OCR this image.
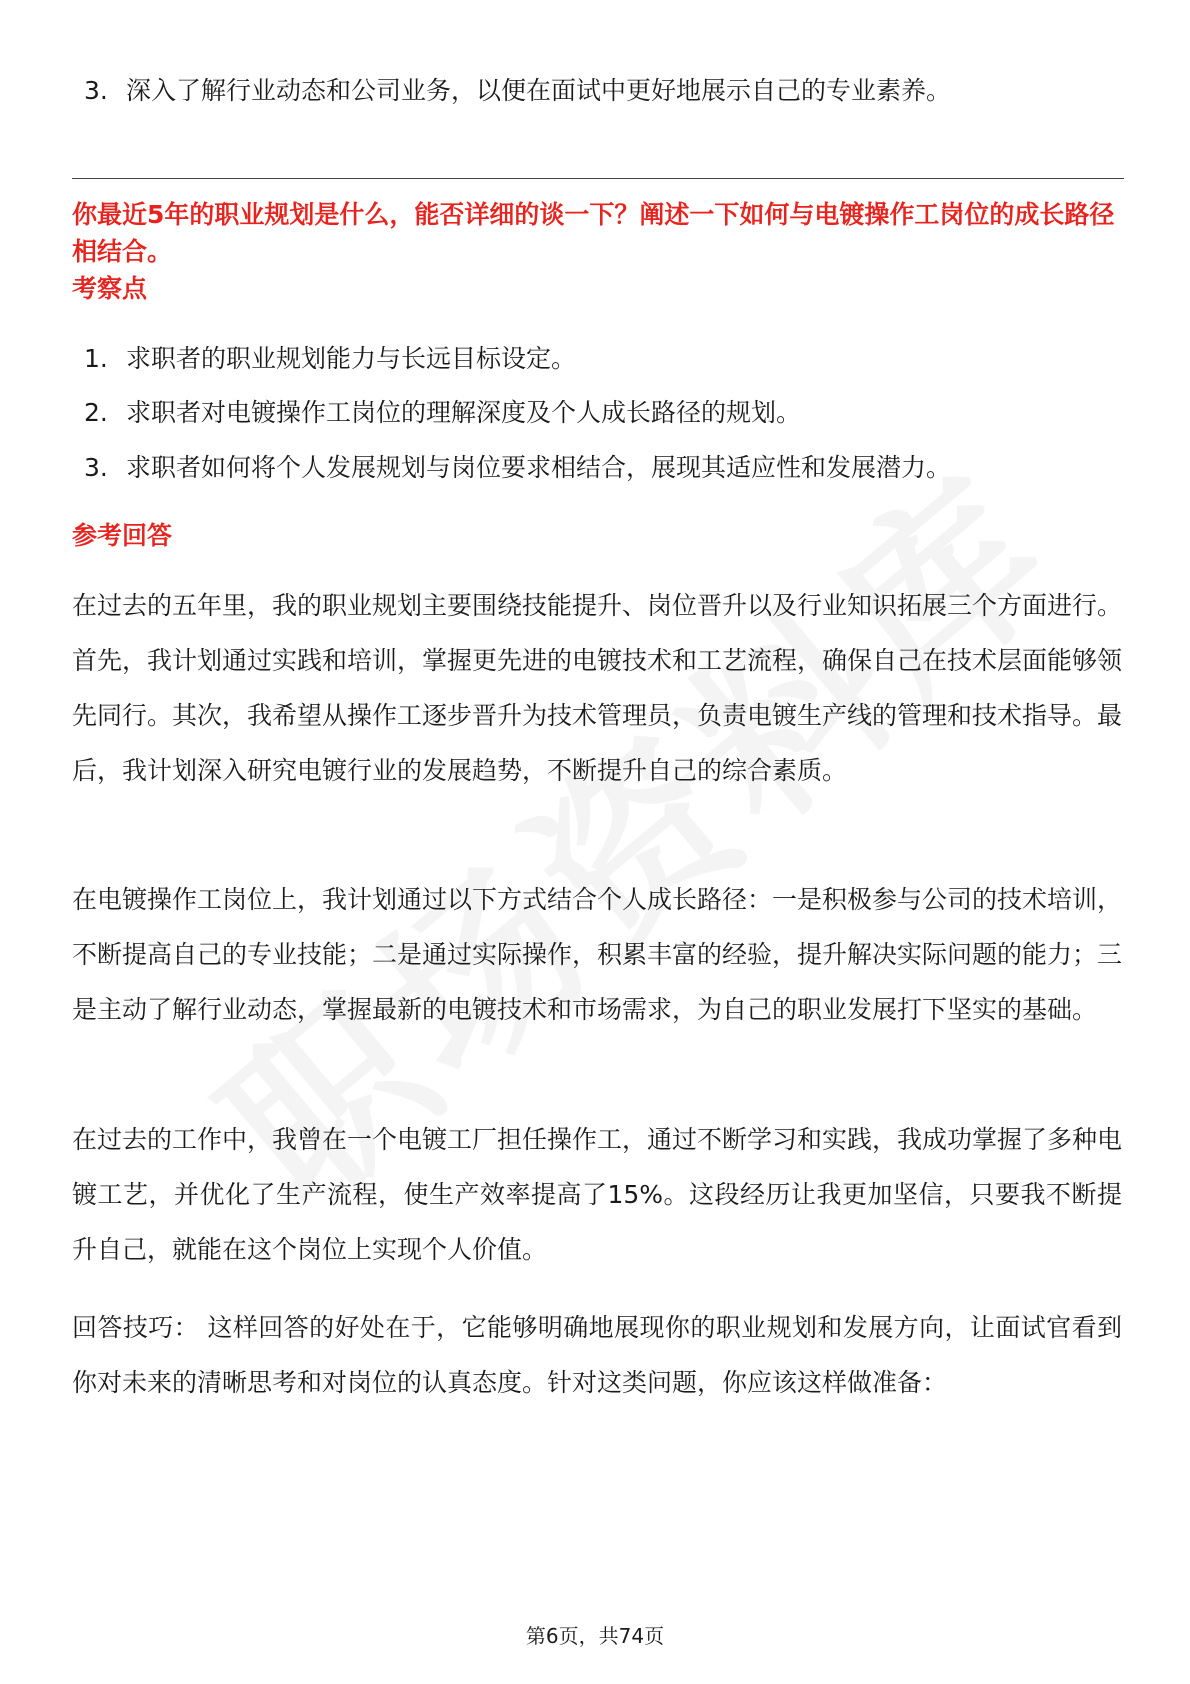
3. 深入了解行业动态和公司业务，以便在面试中更好地展示自己的专业素养。
你最近5年的职业规划是什么，能否详细的谈一下？阐述一下如何与电镀操作工岗位的成长路径相结合。
考察点
1. 求职者的职业规划能力与长远目标设定。
2. 求职者对电镀操作工岗位的理解深度及个人成长路径的规划。
3. 求职者如何将个人发展规划与岗位要求相结合，展现其适应性和发展潜力。
参考回答
在过去的五年里，我的职业规划主要围绕技能提升、岗位晋升以及行业知识拓展三个方面进行。首先，我计划通过实践和培训，掌握更先进的电镀技术和工艺流程，确保自己在技术层面能够领先同行。其次，我希望从操作工逐步晋升为技术管理员，负责电镀生产线的管理和技术指导。最后，我计划深入研究电镀行业的发展趋势，不断提升自己的综合素质。
在电镀操作工岗位上，我计划通过以下方式结合个人成长路径：一是积极参与公司的技术培训，不断提高自己的专业技能；二是通过实际操作，积累丰富的经验，提升解决实际问题的能力；三是主动了解行业动态，掌握最新的电镀技术和市场需求，为自己的职业发展打下坚实的基础。
在过去的工作中，我曾在一个电镀工厂担任操作工，通过不断学习和实践，我成功掌握了多种电镀工艺，并优化了生产流程，使生产效率提高了15%。这段经历让我更加坚信，只要我不断提升自己，就能在这个岗位上实现个人价值。
回答技巧： 这样回答的好处在于，它能够明确地展现你的职业规划和发展方向，让面试官看到你对未来的清晰思考和对岗位的认真态度。针对这类问题，你应该这样做准备：
第6页，共74页
